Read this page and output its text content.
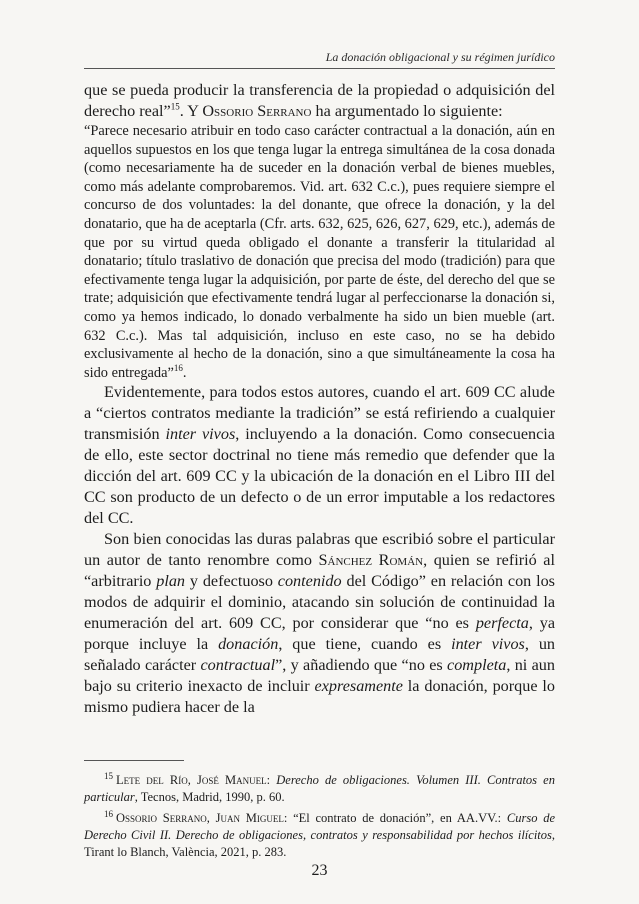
La donación obligacional y su régimen jurídico

que se pueda producir la transferencia de la propiedad o adquisición del derecho real”$^{15}$. Y Ossorio Serrano ha argumentado lo siguiente:

“Parece necesario atribuir en todo caso carácter contractual a la donación, aún en aquellos supuestos en los que tenga lugar la entrega simultánea de la cosa donada (como necesariamente ha de suceder en la donación verbal de bienes muebles, como más adelante comprobaremos. Vid. art. 632 C.c.), pues requiere siempre el concurso de dos voluntades: la del donante, que ofrece la donación, y la del donatario, que ha de aceptarla (Cfr. arts. 632, 625, 626, 627, 629, etc.), además de que por su virtud queda obligado el donante a transferir la titularidad al donatario; título traslativo de donación que precisa del modo (tradición) para que efectivamente tenga lugar la adquisición, por parte de éste, del derecho del que se trate; adquisición que efectivamente tendrá lugar al perfeccionarse la donación si, como ya hemos indicado, lo donado verbalmente ha sido un bien mueble (art. 632 C.c.). Mas tal adquisición, incluso en este caso, no se ha debido exclusivamente al hecho de la donación, sino a que simultáneamente la cosa ha sido entregada”$^{16}$.

Evidentemente, para todos estos autores, cuando el art. 609 CC alude a “ciertos contratos mediante la tradición” se está refiriendo a cualquier transmisión inter vivos, incluyendo a la donación. Como consecuencia de ello, este sector doctrinal no tiene más remedio que defender que la dicción del art. 609 CC y la ubicación de la donación en el Libro III del CC son producto de un defecto o de un error imputable a los redactores del CC.

Son bien conocidas las duras palabras que escribió sobre el particular un autor de tanto renombre como Sánchez Román, quien se refirió al “arbitrario plan y defectuoso contenido del Código” en relación con los modos de adquirir el dominio, atacando sin solución de continuidad la enumeración del art. 609 CC, por considerar que “no es perfecta, ya porque incluye la donación, que tiene, cuando es inter vivos, un señalado carácter contractual”, y añadiendo que “no es completa, ni aun bajo su criterio inexacto de incluir expresamente la donación, porque lo mismo pudiera hacer de la

$^{15}$ Lete del Río, José Manuel: Derecho de obligaciones. Volumen III. Contratos en particular, Tecnos, Madrid, 1990, p. 60.

$^{16}$ Ossorio Serrano, Juan Miguel: “El contrato de donación”, en AA.VV.: Curso de Derecho Civil II. Derecho de obligaciones, contratos y responsabilidad por hechos ilícitos, Tirant lo Blanch, València, 2021, p. 283.

23
